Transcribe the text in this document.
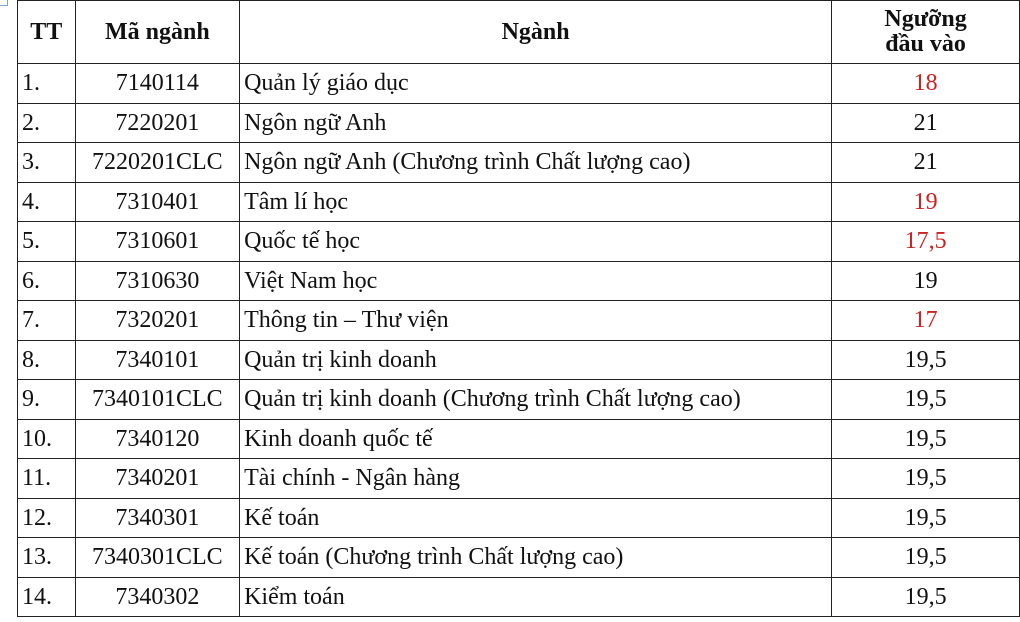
TT	Mã ngành	Ngành	Ngưỡng
đầu vào
1.	7140114	Quản lý giáo dục	18
2.	7220201	Ngôn ngữ Anh	21
3.	7220201CLC	Ngôn ngữ Anh (Chương trình Chất lượng cao)	21
4.	7310401	Tâm lí học	19
5.	7310601	Quốc tế học	17,5
6.	7310630	Việt Nam học	19
7.	7320201	Thông tin – Thư viện	17
8.	7340101	Quản trị kinh doanh	19,5
9.	7340101CLC	Quản trị kinh doanh (Chương trình Chất lượng cao)	19,5
10.	7340120	Kinh doanh quốc tế	19,5
11.	7340201	Tài chính - Ngân hàng	19,5
12.	7340301	Kế toán	19,5
13.	7340301CLC	Kế toán (Chương trình Chất lượng cao)	19,5
14.	7340302	Kiểm toán	19,5
